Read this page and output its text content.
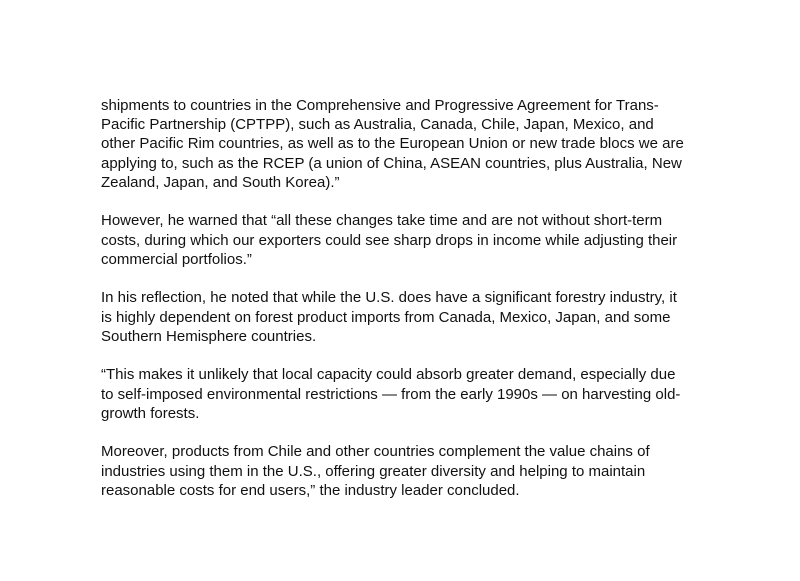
shipments to countries in the Comprehensive and Progressive Agreement for Trans-
Pacific Partnership (CPTPP), such as Australia, Canada, Chile, Japan, Mexico, and
other Pacific Rim countries, as well as to the European Union or new trade blocs we are
applying to, such as the RCEP (a union of China, ASEAN countries, plus Australia, New
Zealand, Japan, and South Korea).”

However, he warned that “all these changes take time and are not without short-term
costs, during which our exporters could see sharp drops in income while adjusting their
commercial portfolios.”

In his reflection, he noted that while the U.S. does have a significant forestry industry, it
is highly dependent on forest product imports from Canada, Mexico, Japan, and some
Southern Hemisphere countries.

“This makes it unlikely that local capacity could absorb greater demand, especially due
to self-imposed environmental restrictions — from the early 1990s — on harvesting old-
growth forests.

Moreover, products from Chile and other countries complement the value chains of
industries using them in the U.S., offering greater diversity and helping to maintain
reasonable costs for end users,” the industry leader concluded.
